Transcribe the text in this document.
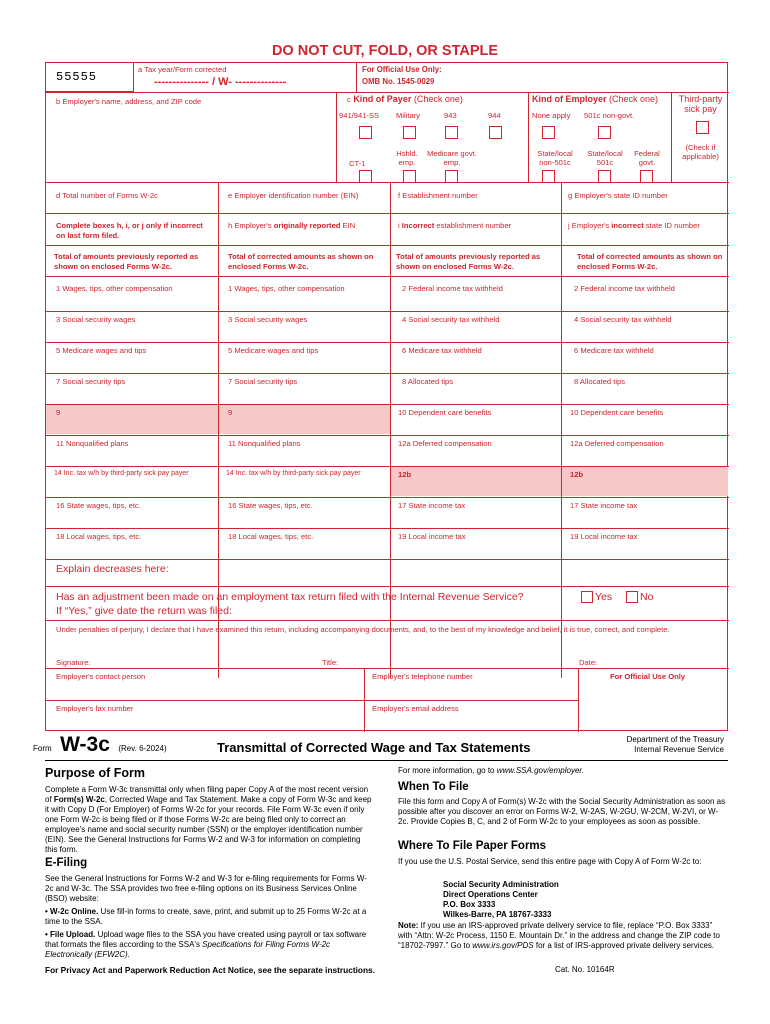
DO NOT CUT, FOLD, OR STAPLE
55555
a Tax year/Form corrected
--------------- / W- --------------
For Official Use Only:
OMB No. 1545-0029
b Employer's name, address, and ZIP code	c Kind of Payer (Check one)
941/941-SS Military	943	944
Hshld. emp.
Medicare govt. emp.
CT-1
Kind of Employer (Check one)
None apply 501c non-govt.
State/local non-501c
State/local 501c
Federal govt.
Third-party sick pay
(Check if applicable)
d Total number of Forms W-2c	e Employer identification number (EIN)	f Establishment number	g Employer's state ID number
Complete boxes h, i, or j only if incorrect on last form filed.
h Employer's originally reported EIN	i Incorrect establishment number	j Employer's incorrect state ID number
Total of amounts previously reported as shown on enclosed Forms W-2c.
Total of corrected amounts as shown on enclosed Forms W-2c.
Total of amounts previously reported as shown on enclosed Forms W-2c.
Total of corrected amounts as shown on enclosed Forms W-2c.
1 Wages, tips, other compensation	1 Wages, tips, other compensation	2 Federal income tax withheld	2 Federal income tax withheld
3 Social security wages	3 Social security wages	4 Social security tax withheld	4 Social security tax withheld
5 Medicare wages and tips	5 Medicare wages and tips	6 Medicare tax withheld	6 Medicare tax withheld
7 Social security tips	7 Social security tips	8 Allocated tips	8 Allocated tips
9	9	10 Dependent care benefits	10 Dependent care benefits
11 Nonqualified plans	11 Nonqualified plans	12a Deferred compensation	12a Deferred compensation
14 Inc. tax w/h by third-party sick pay payer	14 Inc. tax w/h by third-party sick pay payer	12b	12b
16 State wages, tips, etc.	16 State wages, tips, etc.	17 State income tax	17 State income tax
18 Local wages, tips, etc.	18 Local wages, tips, etc.	19 Local income tax	19 Local income tax
Explain decreases here:
Has an adjustment been made on an employment tax return filed with the Internal Revenue Service?	Yes	No
If “Yes,” give date the return was filed:
Under penalties of perjury, I declare that I have examined this return, including accompanying documents, and, to the best of my knowledge and belief, it is true, correct, and complete.
Signature:	Title:	Date:
Employer's contact person	Employer's telephone number	For Official Use Only
Employer's fax number	Employer's email address
Form W-3c (Rev. 6-2024)	Transmittal of Corrected Wage and Tax Statements
Department of the Treasury
Internal Revenue Service
Purpose of Form
Complete a Form W-3c transmittal only when filing paper Copy A of the most recent version of Form(s) W-2c, Corrected Wage and Tax Statement. Make a copy of Form W-3c and keep it with Copy D (For Employer) of Forms W-2c for your records. File Form W-3c even if only one Form W-2c is being filed or if those Forms W-2c are being filed only to correct an employee's name and social security number (SSN) or the employer identification number (EIN). See the General Instructions for Forms W-2 and W-3 for information on completing this form.
E-Filing
See the General Instructions for Forms W-2 and W-3 for e-filing requirements for Forms W-2c and W-3c. The SSA provides two free e-filing options on its Business Services Online (BSO) website:
• W-2c Online. Use fill-in forms to create, save, print, and submit up to 25 Forms W-2c at a time to the SSA.
• File Upload. Upload wage files to the SSA you have created using payroll or tax software that formats the files according to the SSA's Specifications for Filing Forms W-2c Electronically (EFW2C).
For more information, go to www.SSA.gov/employer.
When To File
File this form and Copy A of Form(s) W-2c with the Social Security Administration as soon as possible after you discover an error on Forms W-2, W-2AS, W-2GU, W-2CM, W-2VI, or W-2c. Provide Copies B, C, and 2 of Form W-2c to your employees as soon as possible.
Where To File Paper Forms
If you use the U.S. Postal Service, send this entire page with Copy A of Form W-2c to:
Social Security Administration
Direct Operations Center
P.O. Box 3333
Wilkes-Barre, PA 18767-3333
Note: If you use an IRS-approved private delivery service to file, replace “P.O. Box 3333” with “Attn: W-2c Process, 1150 E. Mountain Dr.” in the address and change the ZIP code to “18702-7997.” Go to www.irs.gov/PDS for a list of IRS-approved private delivery services.
For Privacy Act and Paperwork Reduction Act Notice, see the separate instructions.	Cat. No. 10164R
